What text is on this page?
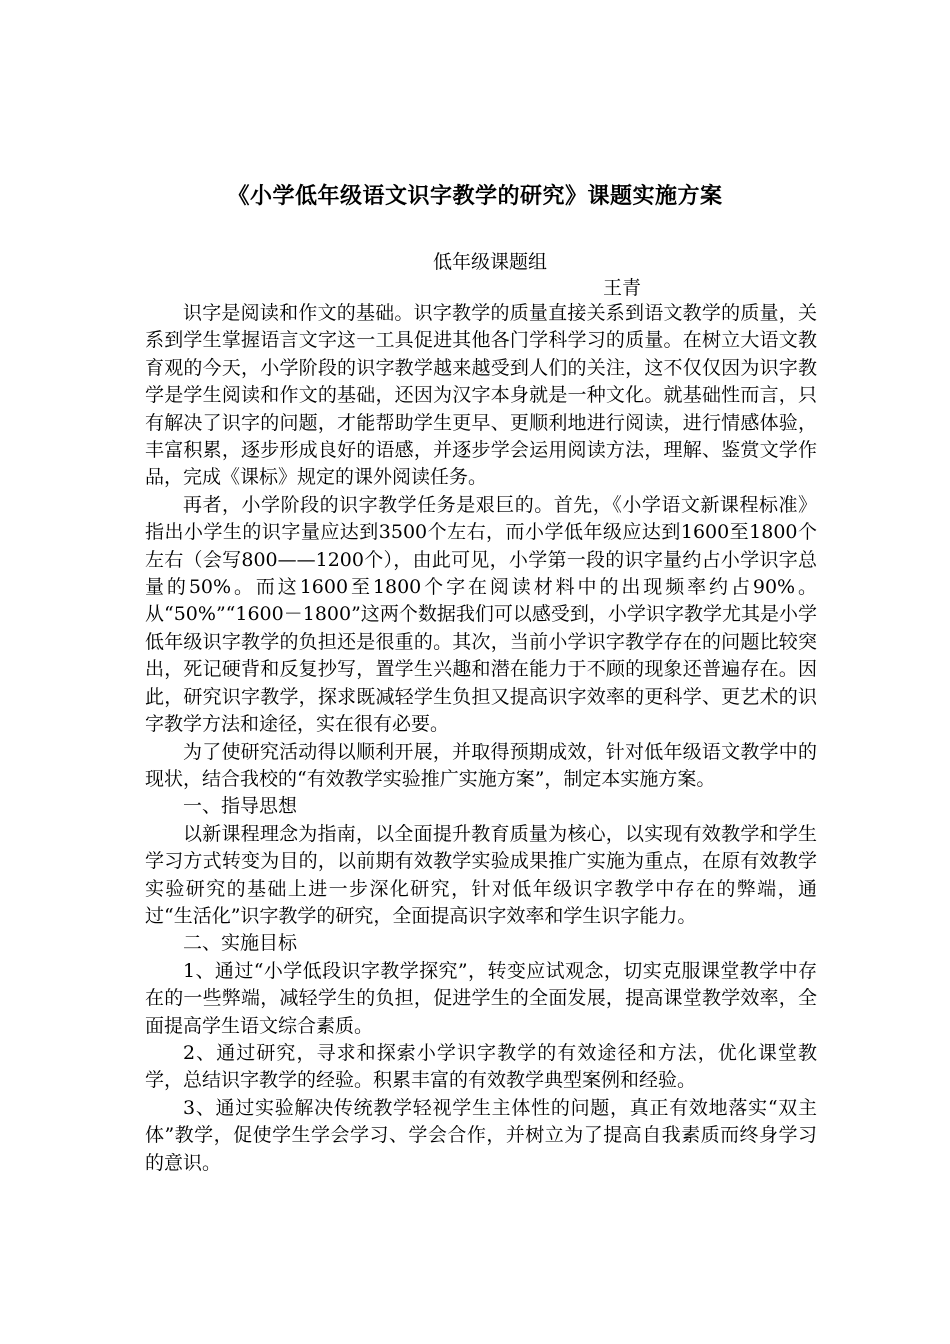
《小学低年级语文识字教学的研究》课题实施方案
低年级课题组
王青

识字是阅读和作文的基础。识字教学的质量直接关系到语文教学的质量，关系到学生掌握语言文字这一工具促进其他各门学科学习的质量。在树立大语文教育观的今天，小学阶段的识字教学越来越受到人们的关注，这不仅仅因为识字教学是学生阅读和作文的基础，还因为汉字本身就是一种文化。就基础性而言，只有解决了识字的问题，才能帮助学生更早、更顺利地进行阅读，进行情感体验，丰富积累，逐步形成良好的语感，并逐步学会运用阅读方法，理解、鉴赏文学作品，完成《课标》规定的课外阅读任务。

再者，小学阶段的识字教学任务是艰巨的。首先，《小学语文新课程标准》指出小学生的识字量应达到3500个左右，而小学低年级应达到1600至1800个左右（会写800——1200个），由此可见，小学第一段的识字量约占小学识字总量的50%。而这1600至1800个字在阅读材料中的出现频率约占90%。从“50%”“1600－1800”这两个数据我们可以感受到，小学识字教学尤其是小学低年级识字教学的负担还是很重的。其次，当前小学识字教学存在的问题比较突出，死记硬背和反复抄写，置学生兴趣和潜在能力于不顾的现象还普遍存在。因此，研究识字教学，探求既减轻学生负担又提高识字效率的更科学、更艺术的识字教学方法和途径，实在很有必要。

为了使研究活动得以顺利开展，并取得预期成效，针对低年级语文教学中的现状，结合我校的“有效教学实验推广实施方案”，制定本实施方案。

一、指导思想

以新课程理念为指南，以全面提升教育质量为核心，以实现有效教学和学生学习方式转变为目的，以前期有效教学实验成果推广实施为重点，在原有效教学实验研究的基础上进一步深化研究，针对低年级识字教学中存在的弊端，通过“生活化”识字教学的研究，全面提高识字效率和学生识字能力。

二、实施目标

1、通过“小学低段识字教学探究”，转变应试观念，切实克服课堂教学中存在的一些弊端，减轻学生的负担，促进学生的全面发展，提高课堂教学效率，全面提高学生语文综合素质。

2、通过研究，寻求和探索小学识字教学的有效途径和方法，优化课堂教学，总结识字教学的经验。积累丰富的有效教学典型案例和经验。

3、通过实验解决传统教学轻视学生主体性的问题，真正有效地落实“双主体”教学，促使学生学会学习、学会合作，并树立为了提高自我素质而终身学习的意识。
